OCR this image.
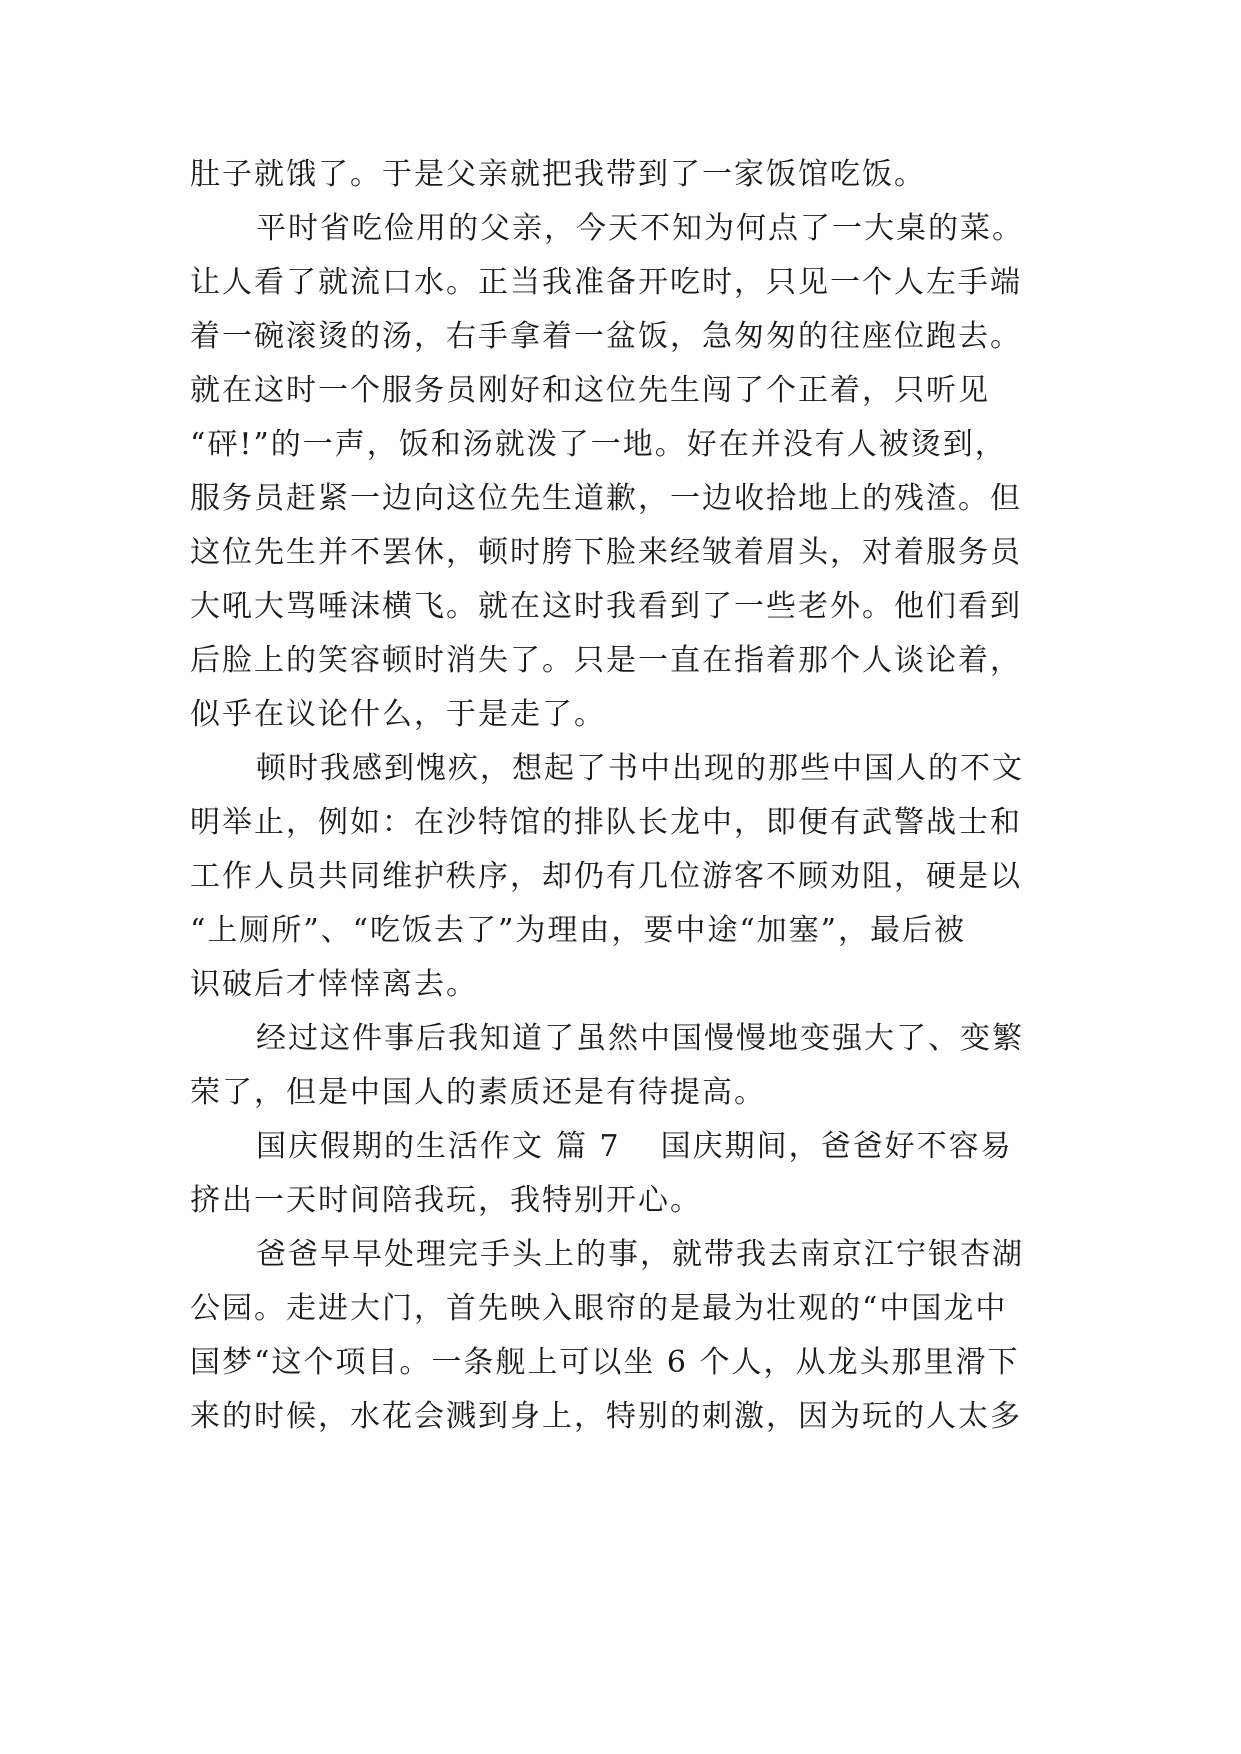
肚子就饿了。于是父亲就把我带到了一家饭馆吃饭。

平时省吃俭用的父亲，今天不知为何点了一大桌的菜。

让人看了就流口水。正当我准备开吃时，只见一个人左手端

着一碗滚烫的汤，右手拿着一盆饭，急匆匆的往座位跑去。

就在这时一个服务员刚好和这位先生闯了个正着，只听见

“砰!”的一声，饭和汤就泼了一地。好在并没有人被烫到，

服务员赶紧一边向这位先生道歉，一边收拾地上的残渣。但

这位先生并不罢休，顿时胯下脸来经皱着眉头，对着服务员

大吼大骂唾沫横飞。就在这时我看到了一些老外。他们看到

后脸上的笑容顿时消失了。只是一直在指着那个人谈论着，

似乎在议论什么，于是走了。

顿时我感到愧疚，想起了书中出现的那些中国人的不文

明举止，例如：在沙特馆的排队长龙中，即便有武警战士和

工作人员共同维护秩序，却仍有几位游客不顾劝阻，硬是以

“上厕所”、“吃饭去了”为理由，要中途“加塞”，最后被

识破后才悻悻离去。

经过这件事后我知道了虽然中国慢慢地变强大了、变繁

荣了，但是中国人的素质还是有待提高。

国庆假期的生活作文 篇 7 国庆期间，爸爸好不容易

挤出一天时间陪我玩，我特别开心。

爸爸早早处理完手头上的事，就带我去南京江宁银杏湖

公园。走进大门，首先映入眼帘的是最为壮观的“中国龙中

国梦“这个项目。一条舰上可以坐 6 个人，从龙头那里滑下

来的时候，水花会溅到身上，特别的刺激，因为玩的人太多
